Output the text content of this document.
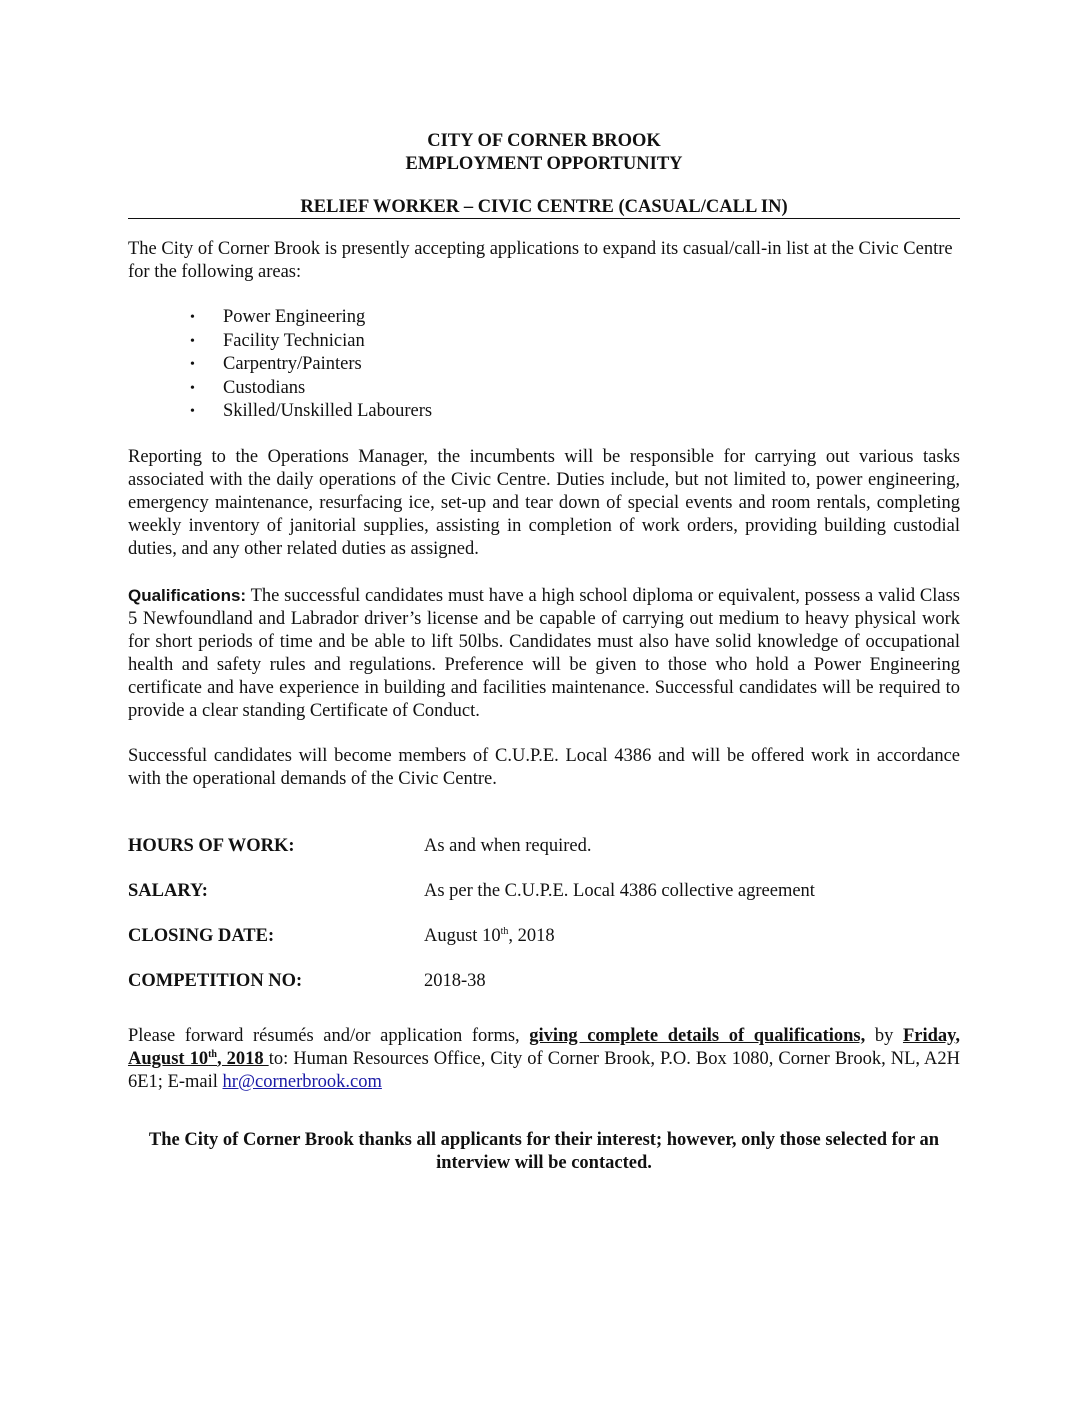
CITY OF CORNER BROOK

EMPLOYMENT OPPORTUNITY

RELIEF WORKER – CIVIC CENTRE (CASUAL/CALL IN)

The City of Corner Brook is presently accepting applications to expand its casual/call-in list at the Civic Centre for the following areas:

• Power Engineering
• Facility Technician
• Carpentry/Painters
• Custodians
• Skilled/Unskilled Labourers

Reporting to the Operations Manager, the incumbents will be responsible for carrying out various tasks associated with the daily operations of the Civic Centre. Duties include, but not limited to, power engineering, emergency maintenance, resurfacing ice, set-up and tear down of special events and room rentals, completing weekly inventory of janitorial supplies, assisting in completion of work orders, providing building custodial duties, and any other related duties as assigned.

Qualifications: The successful candidates must have a high school diploma or equivalent, possess a valid Class 5 Newfoundland and Labrador driver’s license and be capable of carrying out medium to heavy physical work for short periods of time and be able to lift 50lbs. Candidates must also have solid knowledge of occupational health and safety rules and regulations. Preference will be given to those who hold a Power Engineering certificate and have experience in building and facilities maintenance. Successful candidates will be required to provide a clear standing Certificate of Conduct.

Successful candidates will become members of C.U.P.E. Local 4386 and will be offered work in accordance with the operational demands of the Civic Centre.

HOURS OF WORK:	As and when required.
SALARY:	As per the C.U.P.E. Local 4386 collective agreement
CLOSING DATE:	August 10th, 2018
COMPETITION NO:	2018-38

Please forward résumés and/or application forms, giving complete details of qualifications, by Friday, August 10th, 2018 to: Human Resources Office, City of Corner Brook, P.O. Box 1080, Corner Brook, NL, A2H 6E1; E-mail hr@cornerbrook.com

The City of Corner Brook thanks all applicants for their interest; however, only those selected for an interview will be contacted.
